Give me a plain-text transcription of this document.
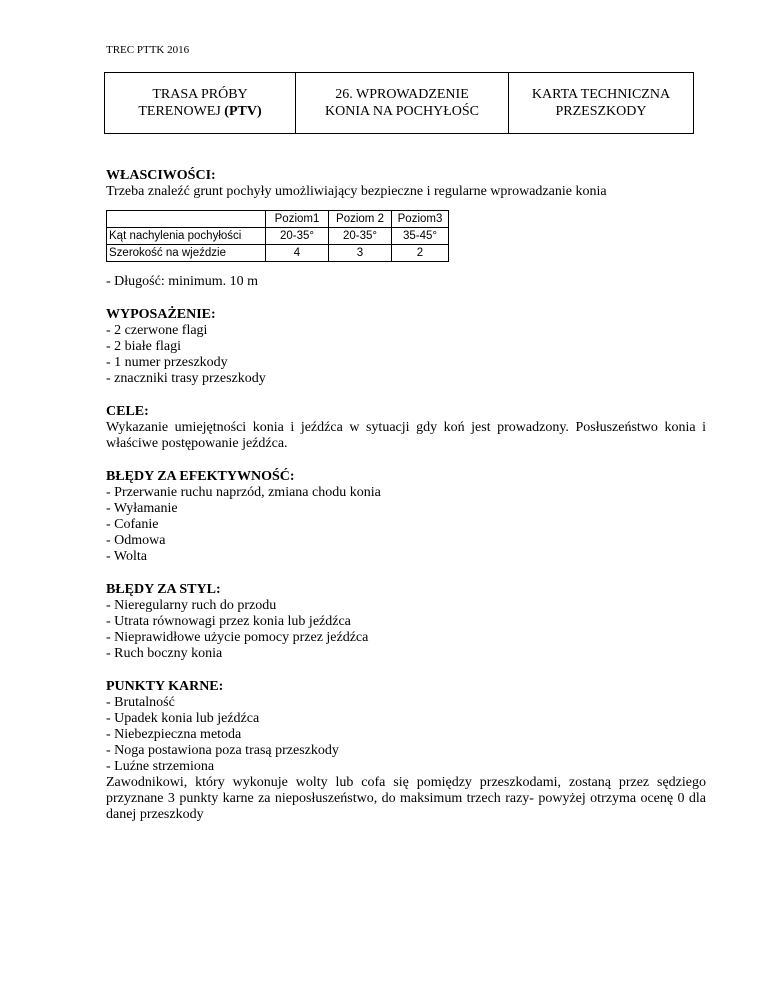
TREC PTTK 2016
TRASA PRÓBY
TERENOWEJ (PTV)

26. WPROWADZENIE
KONIA NA POCHYŁOŚC

KARTA TECHNICZNA
PRZESZKODY
WŁASCIWOŚCI:
Trzeba znaleźć grunt pochyły umożliwiający bezpieczne i regularne wprowadzanie konia
	Poziom1	Poziom 2	Poziom3
Kąt nachylenia pochyłości	20-35°	20-35°	35-45°
Szerokość na wjeździe	4	3	2
- Długość: minimum. 10 m
WYPOSAŻENIE:
- 2 czerwone flagi
- 2 białe flagi
- 1 numer przeszkody
- znaczniki trasy przeszkody
CELE:
Wykazanie umiejętności konia i jeźdźca w sytuacji gdy koń jest prowadzony. Posłuszeństwo konia i właściwe postępowanie jeźdźca.
BŁĘDY ZA EFEKTYWNOŚĆ:
- Przerwanie ruchu naprzód, zmiana chodu konia
- Wyłamanie
- Cofanie
- Odmowa
- Wolta
BŁĘDY ZA STYL:
- Nieregularny ruch do przodu
- Utrata równowagi przez konia lub jeźdźca
- Nieprawidłowe użycie pomocy przez jeźdźca
- Ruch boczny konia
PUNKTY KARNE:
- Brutalność
- Upadek konia lub jeźdźca
- Niebezpieczna metoda
- Noga postawiona poza trasą przeszkody
- Luźne strzemiona
Zawodnikowi, który wykonuje wolty lub cofa się pomiędzy przeszkodami, zostaną przez sędziego przyznane 3 punkty karne za nieposłuszeństwo, do maksimum trzech razy- powyżej otrzyma ocenę 0 dla danej przeszkody
